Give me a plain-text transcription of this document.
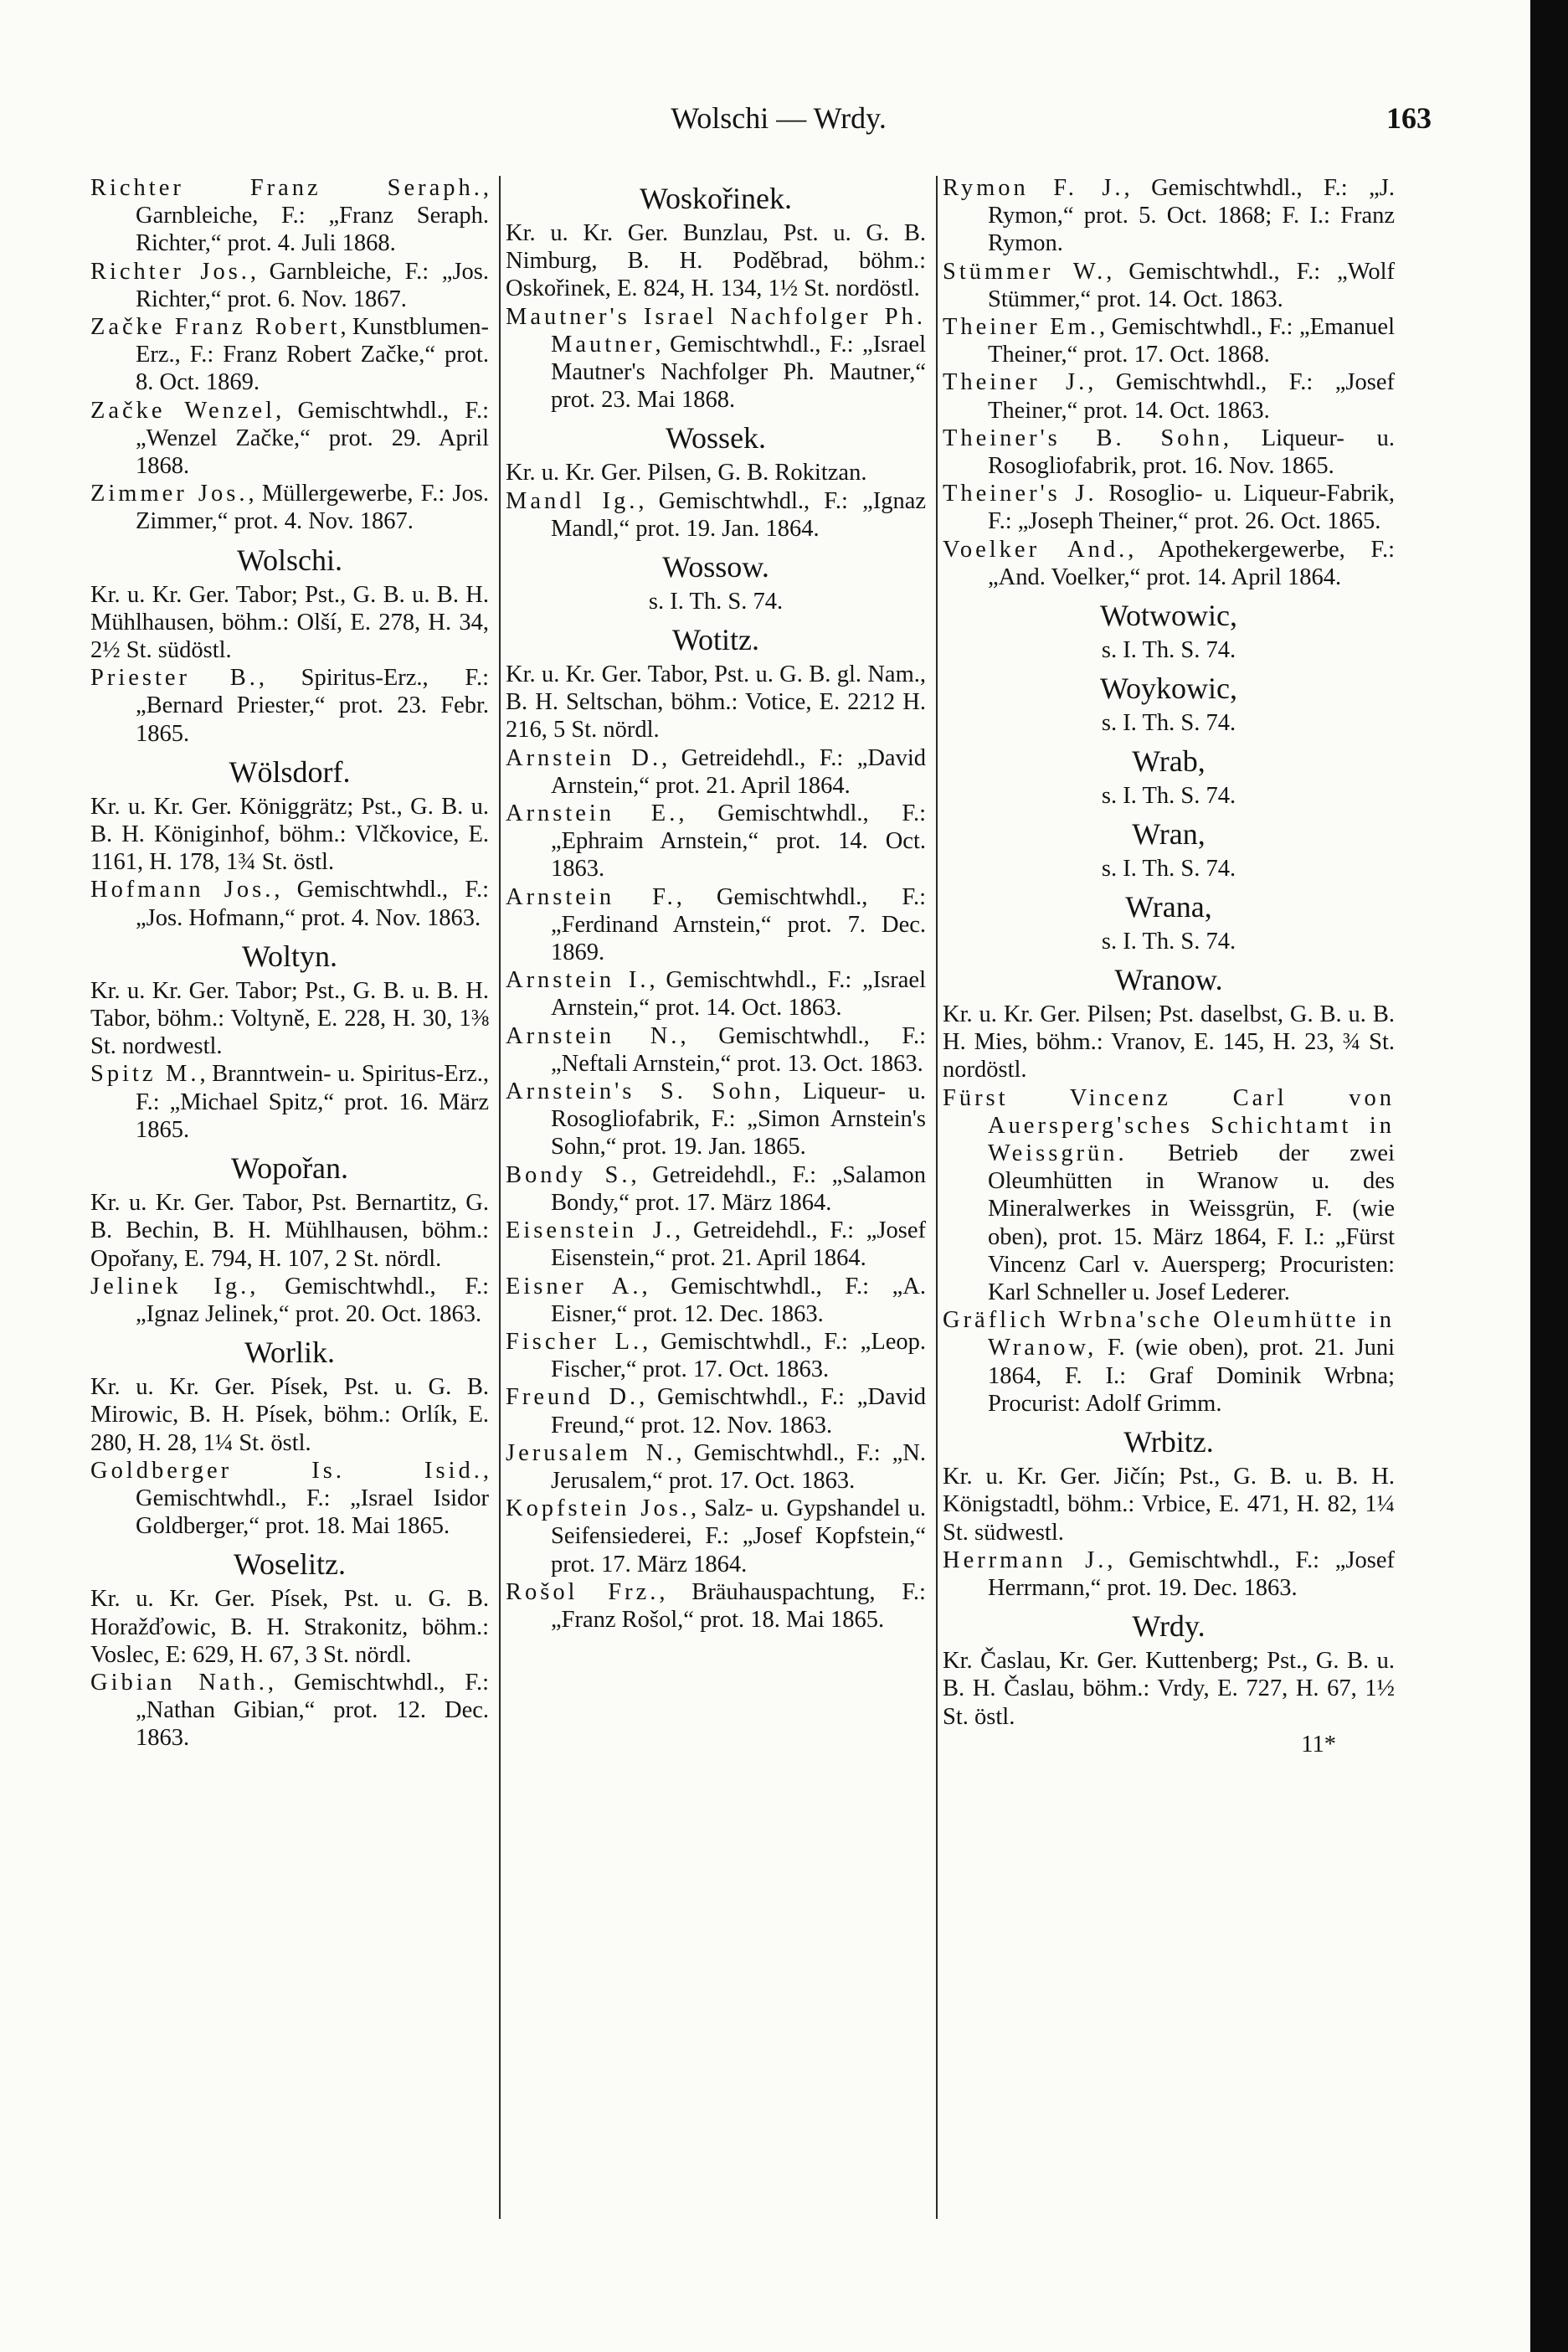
Wolschi — Wrdy.	163

Richter Franz Seraph., Garnbleiche, F.: „Franz Seraph. Richter,“ prot. 4. Juli 1868.

Richter Jos., Garnbleiche, F.: „Jos. Richter,“ prot. 6. Nov. 1867.

Začke Franz Robert, Kunstblumen-Erz., F.: Franz Robert Začke,“ prot. 8. Oct. 1869.

Začke Wenzel, Gemischtwhdl., F.: „Wenzel Začke,“ prot. 29. April 1868.

Zimmer Jos., Müllergewerbe, F.: Jos. Zimmer,“ prot. 4. Nov. 1867.

Wolschi.

Kr. u. Kr. Ger. Tabor; Pst., G. B. u. B. H. Mühlhausen, böhm.: Olší, E. 278, H. 34, 2½ St. südöstl.

Priester B., Spiritus-Erz., F.: „Bernard Priester,“ prot. 23. Febr. 1865.

Wölsdorf.

Kr. u. Kr. Ger. Königgrätz; Pst., G. B. u. B. H. Königinhof, böhm.: Vlčkovice, E. 1161, H. 178, 1¾ St. östl.

Hofmann Jos., Gemischtwhdl., F.: „Jos. Hofmann,“ prot. 4. Nov. 1863.

Woltyn.

Kr. u. Kr. Ger. Tabor; Pst., G. B. u. B. H. Tabor, böhm.: Voltyně, E. 228, H. 30, 1⅜ St. nordwestl.

Spitz M., Branntwein- u. Spiritus-Erz., F.: „Michael Spitz,“ prot. 16. März 1865.

Wopořan.

Kr. u. Kr. Ger. Tabor, Pst. Bernartitz, G. B. Bechin, B. H. Mühlhausen, böhm.: Opořany, E. 794, H. 107, 2 St. nördl.

Jelinek Ig., Gemischtwhdl., F.: „Ignaz Jelinek,“ prot. 20. Oct. 1863.

Worlik.

Kr. u. Kr. Ger. Písek, Pst. u. G. B. Mirowic, B. H. Písek, böhm.: Orlík, E. 280, H. 28, 1¼ St. östl.

Goldberger Is. Isid., Gemischtwhdl., F.: „Israel Isidor Goldberger,“ prot. 18. Mai 1865.

Woselitz.

Kr. u. Kr. Ger. Písek, Pst. u. G. B. Horažďowic, B. H. Strakonitz, böhm.: Voslec, E: 629, H. 67, 3 St. nördl.

Gibian Nath., Gemischtwhdl., F.: „Nathan Gibian,“ prot. 12. Dec. 1863.

Woskořinek.

Kr. u. Kr. Ger. Bunzlau, Pst. u. G. B. Nimburg, B. H. Poděbrad, böhm.: Oskořinek, E. 824, H. 134, 1½ St. nordöstl.

Mautner's Israel Nachfolger Ph. Mautner, Gemischtwhdl., F.: „Israel Mautner's Nachfolger Ph. Mautner,“ prot. 23. Mai 1868.

Wossek.

Kr. u. Kr. Ger. Pilsen, G. B. Rokitzan.

Mandl Ig., Gemischtwhdl., F.: „Ignaz Mandl,“ prot. 19. Jan. 1864.

Wossow.
s. I. Th. S. 74.
Wotitz.

Kr. u. Kr. Ger. Tabor, Pst. u. G. B. gl. Nam., B. H. Seltschan, böhm.: Votice, E. 2212 H. 216, 5 St. nördl.

Arnstein D., Getreidehdl., F.: „David Arnstein,“ prot. 21. April 1864.

Arnstein E., Gemischtwhdl., F.: „Ephraim Arnstein,“ prot. 14. Oct. 1863.

Arnstein F., Gemischtwhdl., F.: „Ferdinand Arnstein,“ prot. 7. Dec. 1869.

Arnstein I., Gemischtwhdl., F.: „Israel Arnstein,“ prot. 14. Oct. 1863.

Arnstein N., Gemischtwhdl., F.: „Neftali Arnstein,“ prot. 13. Oct. 1863.

Arnstein's S. Sohn, Liqueur- u. Rosogliofabrik, F.: „Simon Arnstein's Sohn,“ prot. 19. Jan. 1865.

Bondy S., Getreidehdl., F.: „Salamon Bondy,“ prot. 17. März 1864.

Eisenstein J., Getreidehdl., F.: „Josef Eisenstein,“ prot. 21. April 1864.

Eisner A., Gemischtwhdl., F.: „A. Eisner,“ prot. 12. Dec. 1863.

Fischer L., Gemischtwhdl., F.: „Leop. Fischer,“ prot. 17. Oct. 1863.

Freund D., Gemischtwhdl., F.: „David Freund,“ prot. 12. Nov. 1863.

Jerusalem N., Gemischtwhdl., F.: „N. Jerusalem,“ prot. 17. Oct. 1863.

Kopfstein Jos., Salz- u. Gypshandel u. Seifensiederei, F.: „Josef Kopfstein,“ prot. 17. März 1864.

Rošol Frz., Bräuhauspachtung, F.: „Franz Rošol,“ prot. 18. Mai 1865.

Rymon F. J., Gemischtwhdl., F.: „J. Rymon,“ prot. 5. Oct. 1868; F. I.: Franz Rymon.

Stümmer W., Gemischtwhdl., F.: „Wolf Stümmer,“ prot. 14. Oct. 1863.

Theiner Em., Gemischtwhdl., F.: „Emanuel Theiner,“ prot. 17. Oct. 1868.

Theiner J., Gemischtwhdl., F.: „Josef Theiner,“ prot. 14. Oct. 1863.

Theiner's B. Sohn, Liqueur- u. Rosogliofabrik, prot. 16. Nov. 1865.

Theiner's J. Rosoglio- u. Liqueur-Fabrik, F.: „Joseph Theiner,“ prot. 26. Oct. 1865.

Voelker And., Apothekergewerbe, F.: „And. Voelker,“ prot. 14. April 1864.

Wotwowic,
s. I. Th. S. 74.
Woykowic,
s. I. Th. S. 74.
Wrab,
s. I. Th. S. 74.
Wran,
s. I. Th. S. 74.
Wrana,
s. I. Th. S. 74.
Wranow.

Kr. u. Kr. Ger. Pilsen; Pst. daselbst, G. B. u. B. H. Mies, böhm.: Vranov, E. 145, H. 23, ¾ St. nordöstl.

Fürst Vincenz Carl von Auersperg'sches Schichtamt in Weissgrün. Betrieb der zwei Oleumhütten in Wranow u. des Mineralwerkes in Weissgrün, F. (wie oben), prot. 15. März 1864, F. I.: „Fürst Vincenz Carl v. Auersperg; Procuristen: Karl Schneller u. Josef Lederer.

Gräflich Wrbna'sche Oleumhütte in Wranow, F. (wie oben), prot. 21. Juni 1864, F. I.: Graf Dominik Wrbna; Procurist: Adolf Grimm.

Wrbitz.

Kr. u. Kr. Ger. Jičín; Pst., G. B. u. B. H. Königstadtl, böhm.: Vrbice, E. 471, H. 82, 1¼ St. südwestl.

Herrmann J., Gemischtwhdl., F.: „Josef Herrmann,“ prot. 19. Dec. 1863.

Wrdy.

Kr. Časlau, Kr. Ger. Kuttenberg; Pst., G. B. u. B. H. Časlau, böhm.: Vrdy, E. 727, H. 67, 1½ St. östl.

11*
